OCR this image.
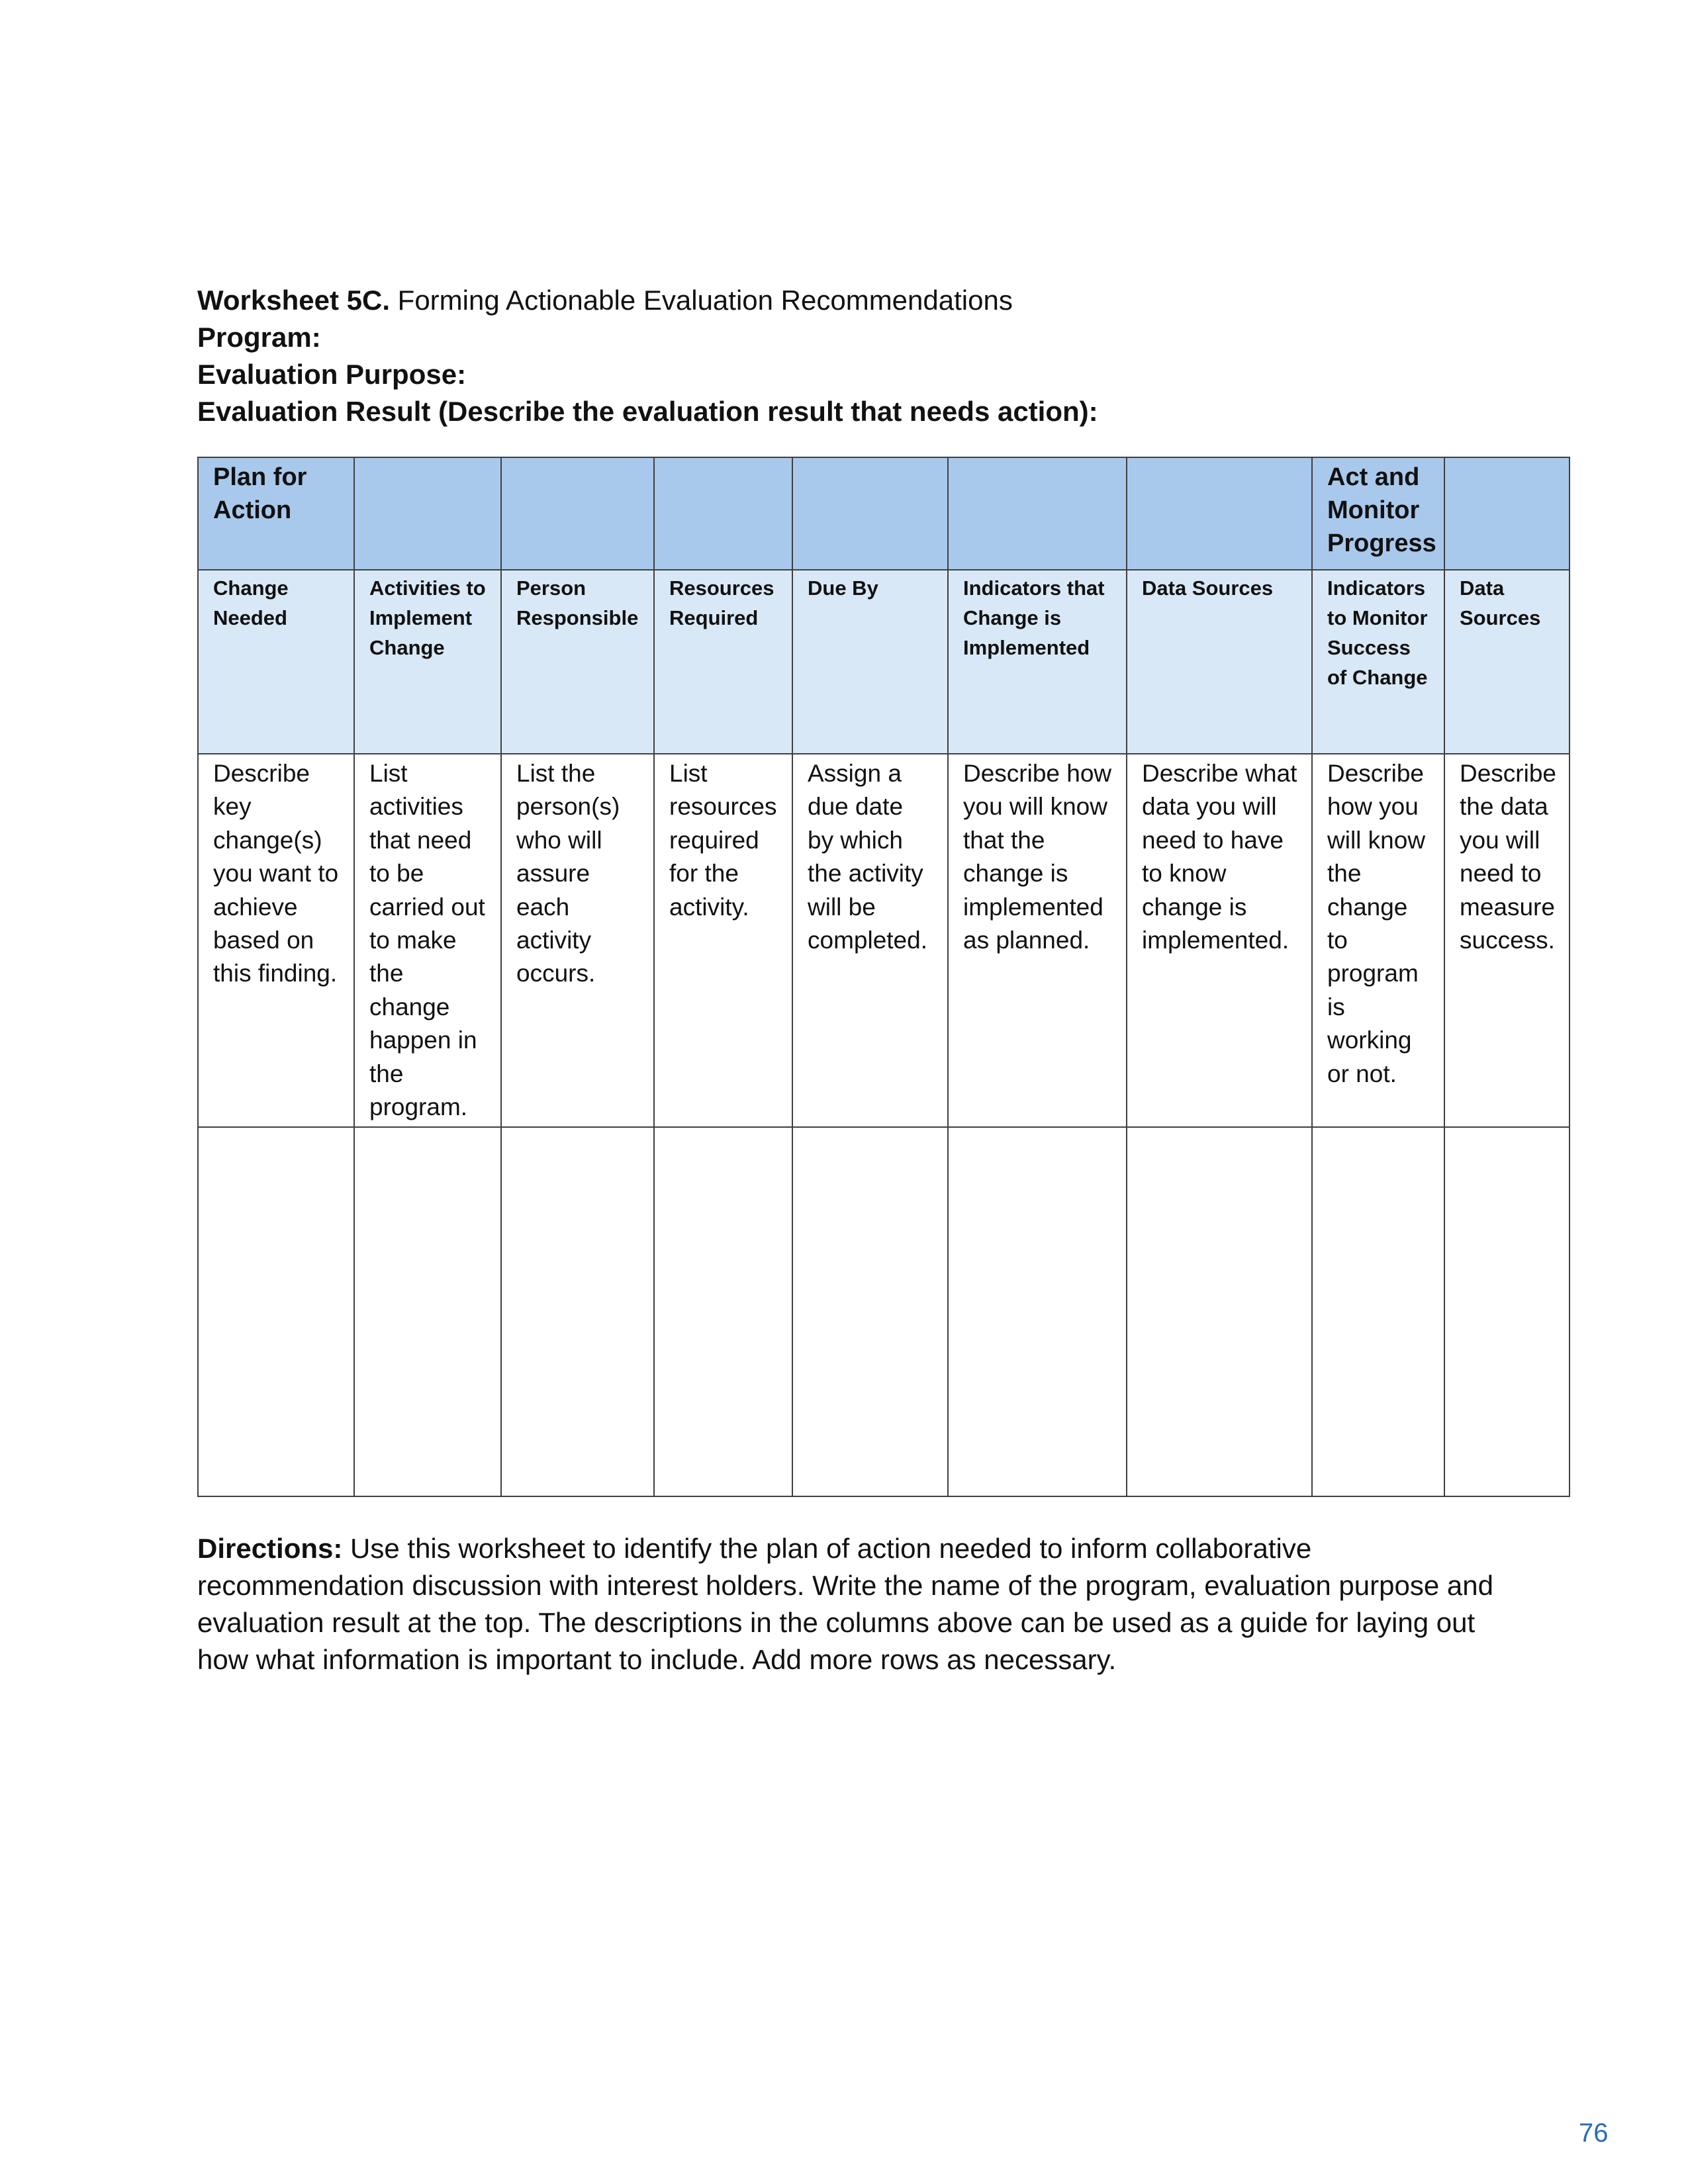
Worksheet 5C. Forming Actionable Evaluation Recommendations
Program:
Evaluation Purpose:
Evaluation Result (Describe the evaluation result that needs action):
Plan for Action							Act and Monitor Progress	
Change Needed	Activities to Implement Change	Person Responsible	Resources Required	Due By	Indicators that Change is Implemented	Data Sources	Indicators to Monitor Success of Change	Data Sources
Describe key change(s) you want to achieve based on this finding.	List activities that need to be carried out to make the change happen in the program.	List the person(s) who will assure each activity occurs.	List resources required for the activity.	Assign a due date by which the activity will be completed.	Describe how you will know that the change is implemented as planned.	Describe what data you will need to have to know change is implemented.	Describe how you will know the change to program is working or not.	Describe the data you will need to measure success.

Directions: Use this worksheet to identify the plan of action needed to inform collaborative recommendation discussion with interest holders. Write the name of the program, evaluation purpose and evaluation result at the top. The descriptions in the columns above can be used as a guide for laying out how what information is important to include. Add more rows as necessary.
76
